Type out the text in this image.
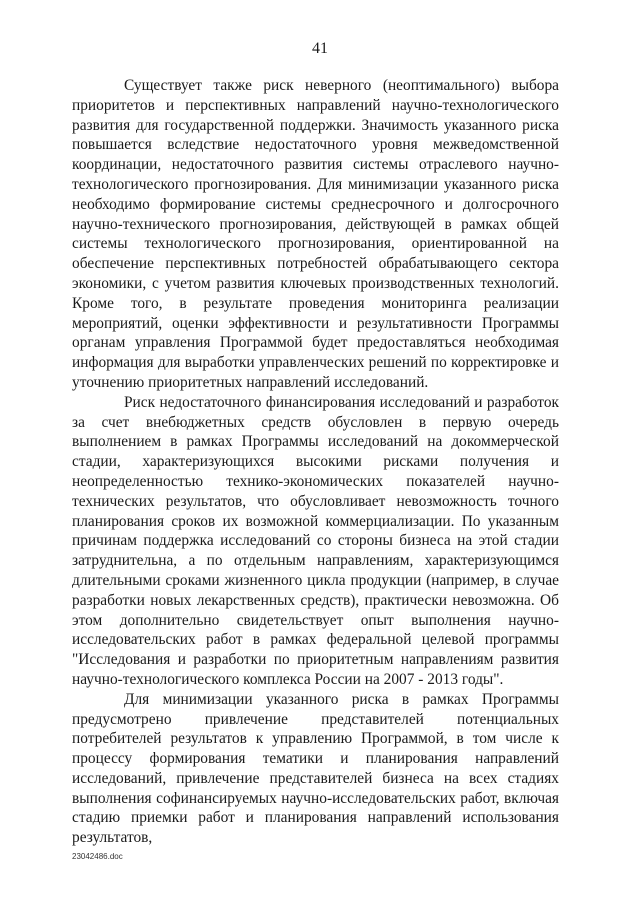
41

Существует также риск неверного (неоптимального) выбора приоритетов и перспективных направлений научно-технологического развития для государственной поддержки. Значимость указанного риска повышается вследствие недостаточного уровня межведомственной координации, недостаточного развития системы отраслевого научно-технологического прогнозирования. Для минимизации указанного риска необходимо формирование системы среднесрочного и долгосрочного научно-технического прогнозирования, действующей в рамках общей системы технологического прогнозирования, ориентированной на обеспечение перспективных потребностей обрабатывающего сектора экономики, с учетом развития ключевых производственных технологий. Кроме того, в результате проведения мониторинга реализации мероприятий, оценки эффективности и результативности Программы органам управления Программой будет предоставляться необходимая информация для выработки управленческих решений по корректировке и уточнению приоритетных направлений исследований.

Риск недостаточного финансирования исследований и разработок за счет внебюджетных средств обусловлен в первую очередь выполнением в рамках Программы исследований на докоммерческой стадии, характеризующихся высокими рисками получения и неопределенностью технико-экономических показателей научно-технических результатов, что обусловливает невозможность точного планирования сроков их возможной коммерциализации. По указанным причинам поддержка исследований со стороны бизнеса на этой стадии затруднительна, а по отдельным направлениям, характеризующимся длительными сроками жизненного цикла продукции (например, в случае разработки новых лекарственных средств), практически невозможна. Об этом дополнительно свидетельствует опыт выполнения научно-исследовательских работ в рамках федеральной целевой программы "Исследования и разработки по приоритетным направлениям развития научно-технологического комплекса России на 2007 - 2013 годы".

Для минимизации указанного риска в рамках Программы предусмотрено привлечение представителей потенциальных потребителей результатов к управлению Программой, в том числе к процессу формирования тематики и планирования направлений исследований, привлечение представителей бизнеса на всех стадиях выполнения софинансируемых научно-исследовательских работ, включая стадию приемки работ и планирования направлений использования результатов,

23042486.doc
